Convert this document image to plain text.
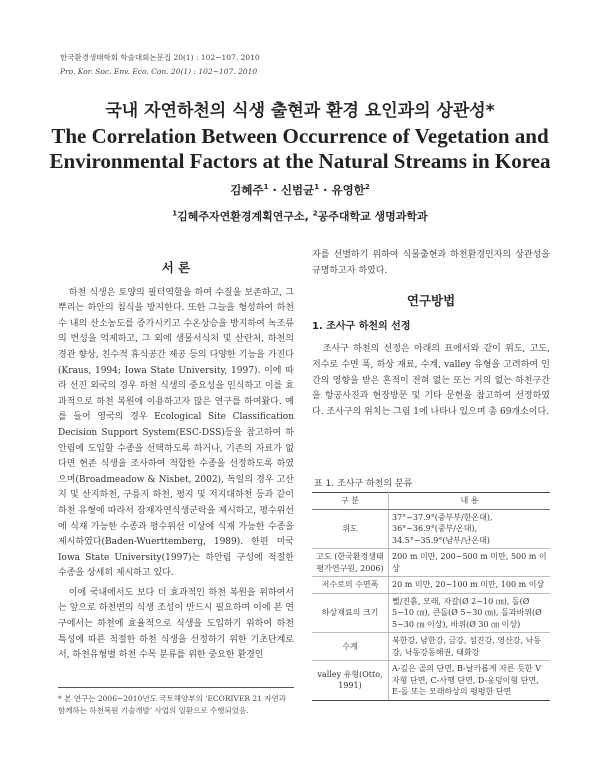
한국환경생태학회 학술대회논문집 20(1) : 102~107. 2010
Pro. Kor. Soc. Env. Eco. Con. 20(1) : 102~107. 2010
국내 자연하천의 식생 출현과 환경 요인과의 상관성*
The Correlation Between Occurrence of Vegetation and Environmental Factors at the Natural Streams in Korea
김혜주$^1$ · 신범균$^1$ · 유영한$^2$
$^1$김혜주자연환경계획연구소, $^2$공주대학교 생명과학과
서 론

하천 식생은 토양의 필터역할을 하여 수질을 보존하고, 그 뿌리는 하안의 침식을 방지한다. 또한 그늘을 형성하여 하천수 내의 산소농도를 증가시키고 수온상승을 방지하여 녹조류의 번성을 억제하고, 그 외에 생물서식처 및 산란처, 하천의 경관 향상, 친수적 휴식공간 제공 등의 다양한 기능을 가진다(Kraus, 1994; Iowa State University, 1997). 이에 따라 선진 외국의 경우 하천 식생의 중요성을 인식하고 이를 효과적으로 하천 복원에 이용하고자 많은 연구를 하여왔다. 예를 들어 영국의 경우 Ecological Site Classification Decision Support System(ESC-DSS)등을 참고하여 하안림에 도입할 수종을 선택하도록 하거나, 기존의 자료가 없다면 현존 식생을 조사하여 적합한 수종을 선정하도록 하였으며(Broadmeadow & Nisbet, 2002), 독일의 경우 고산지 및 산지하천, 구릉지 하천, 평지 및 저지대하천 등과 같이 하천 유형에 따라서 잠재자연식생군락을 제시하고, 평수위선에 식재 가능한 수종과 평수위선 이상에 식재 가능한 수종을 제시하였다(Baden-Wuerttemberg, 1989). 한편 미국 Iowa State University(1997)는 하안림 구성에 적절한 수종을 상세히 제시하고 있다.

이에 국내에서도 보다 더 효과적인 하천 복원을 위하여서는 앞으로 하천변의 식생 조성이 반드시 필요하며 이에 본 연구에서는 하천에 효율적으로 식생을 도입하기 위하여 하천 특성에 따른 적절한 하천 식생을 선정하기 위한 기초단계로서, 하천유형별 하천 수목 분류를 위한 중요한 환경인

* 본 연구는 2006~2010년도 국토해양부의 ‘ECORIVER 21 자연과 함께하는 하천복원 기술개발’ 사업의 일환으로 수행되었음.

자를 선별하기 위하여 식물출현과 하천환경인자의 상관성을 규명하고자 하였다.

연구방법
1. 조사구 하천의 선정

조사구 하천의 선정은 아래의 표에서와 같이 위도, 고도, 저수로 수면 폭, 하상 재료, 수계, valley 유형을 고려하여 인간의 영향을 받은 흔적이 전혀 없는 또는 거의 없는 하천구간을 항공사진과 현장방문 및 기타 문헌을 참고하여 선정하였다. 조사구의 위치는 그림 1에 나타나 있으며 총 69개소이다.

표 1. 조사구 하천의 분류
구 분	내 용
위도	37°~37.9°(중부부/한온대),
36°~36.9°(중부/온대),
34.5°~35.9°(남부/난온대)

고도 (한국환경생태평가연구원, 2006)	200 m 미만, 200~500 m 미만, 500 m 이상
저수로의 수면폭	20 m 미만, 20~100 m 미만, 100 m 이상
하상재료의 크기	뻘/진흙, 모래, 자갈(Ø 2~10 ㎝), 돌(Ø 5~10 ㎝), 큰돌(Ø 5~30 ㎝), 돌과바위(Ø 5~30 ㎝ 이상), 바위(Ø 30 ㎝ 이상)
수계	북한강, 남한강, 금강, 섬진강, 영산강, 낙동강, 낙동강동해권, 태화강
valley 유형(Otto, 1991)	A-깊은 골의 단면, B-날카롭게 자른 듯한 V자형 단면, C-사행 단면, D-웅덩이형 단면, E-돌 또는 모래하상의 평평한 단면
